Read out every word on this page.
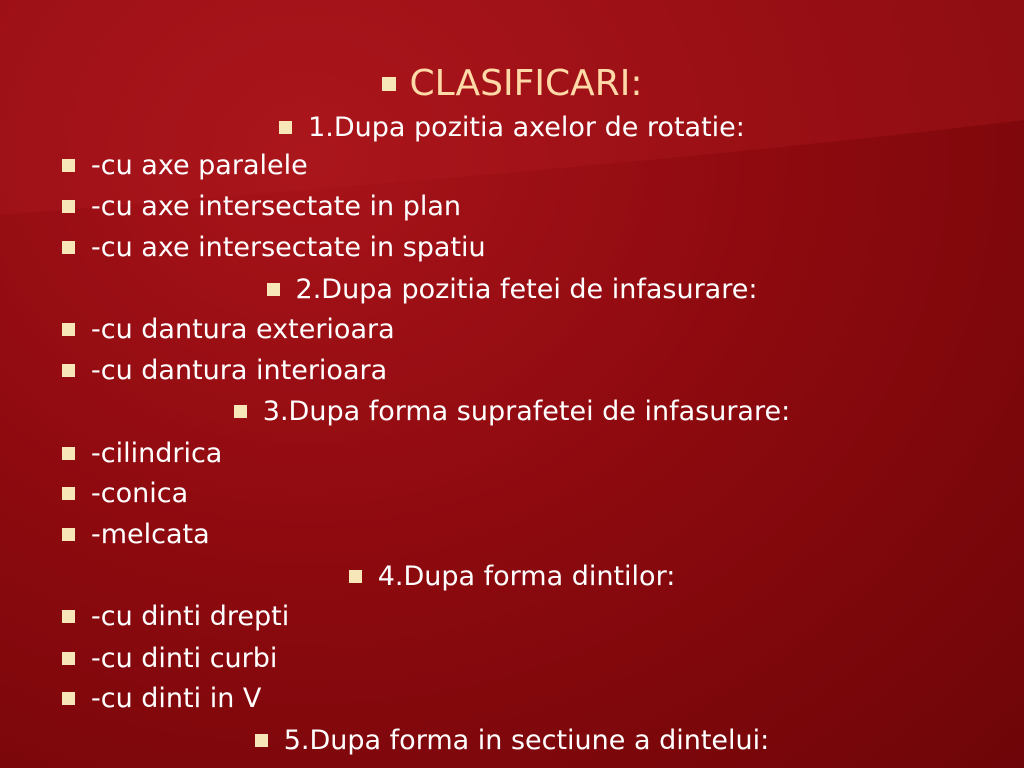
CLASIFICARI:
1.Dupa pozitia axelor de rotatie:
-cu axe paralele
-cu axe intersectate in plan
-cu axe intersectate in spatiu
2.Dupa pozitia fetei de infasurare:
-cu dantura exterioara
-cu dantura interioara
3.Dupa forma suprafetei de infasurare:
-cilindrica
-conica
-melcata
4.Dupa forma dintilor:
-cu dinti drepti
-cu dinti curbi
-cu dinti in V
5.Dupa forma in sectiune a dintelui:
